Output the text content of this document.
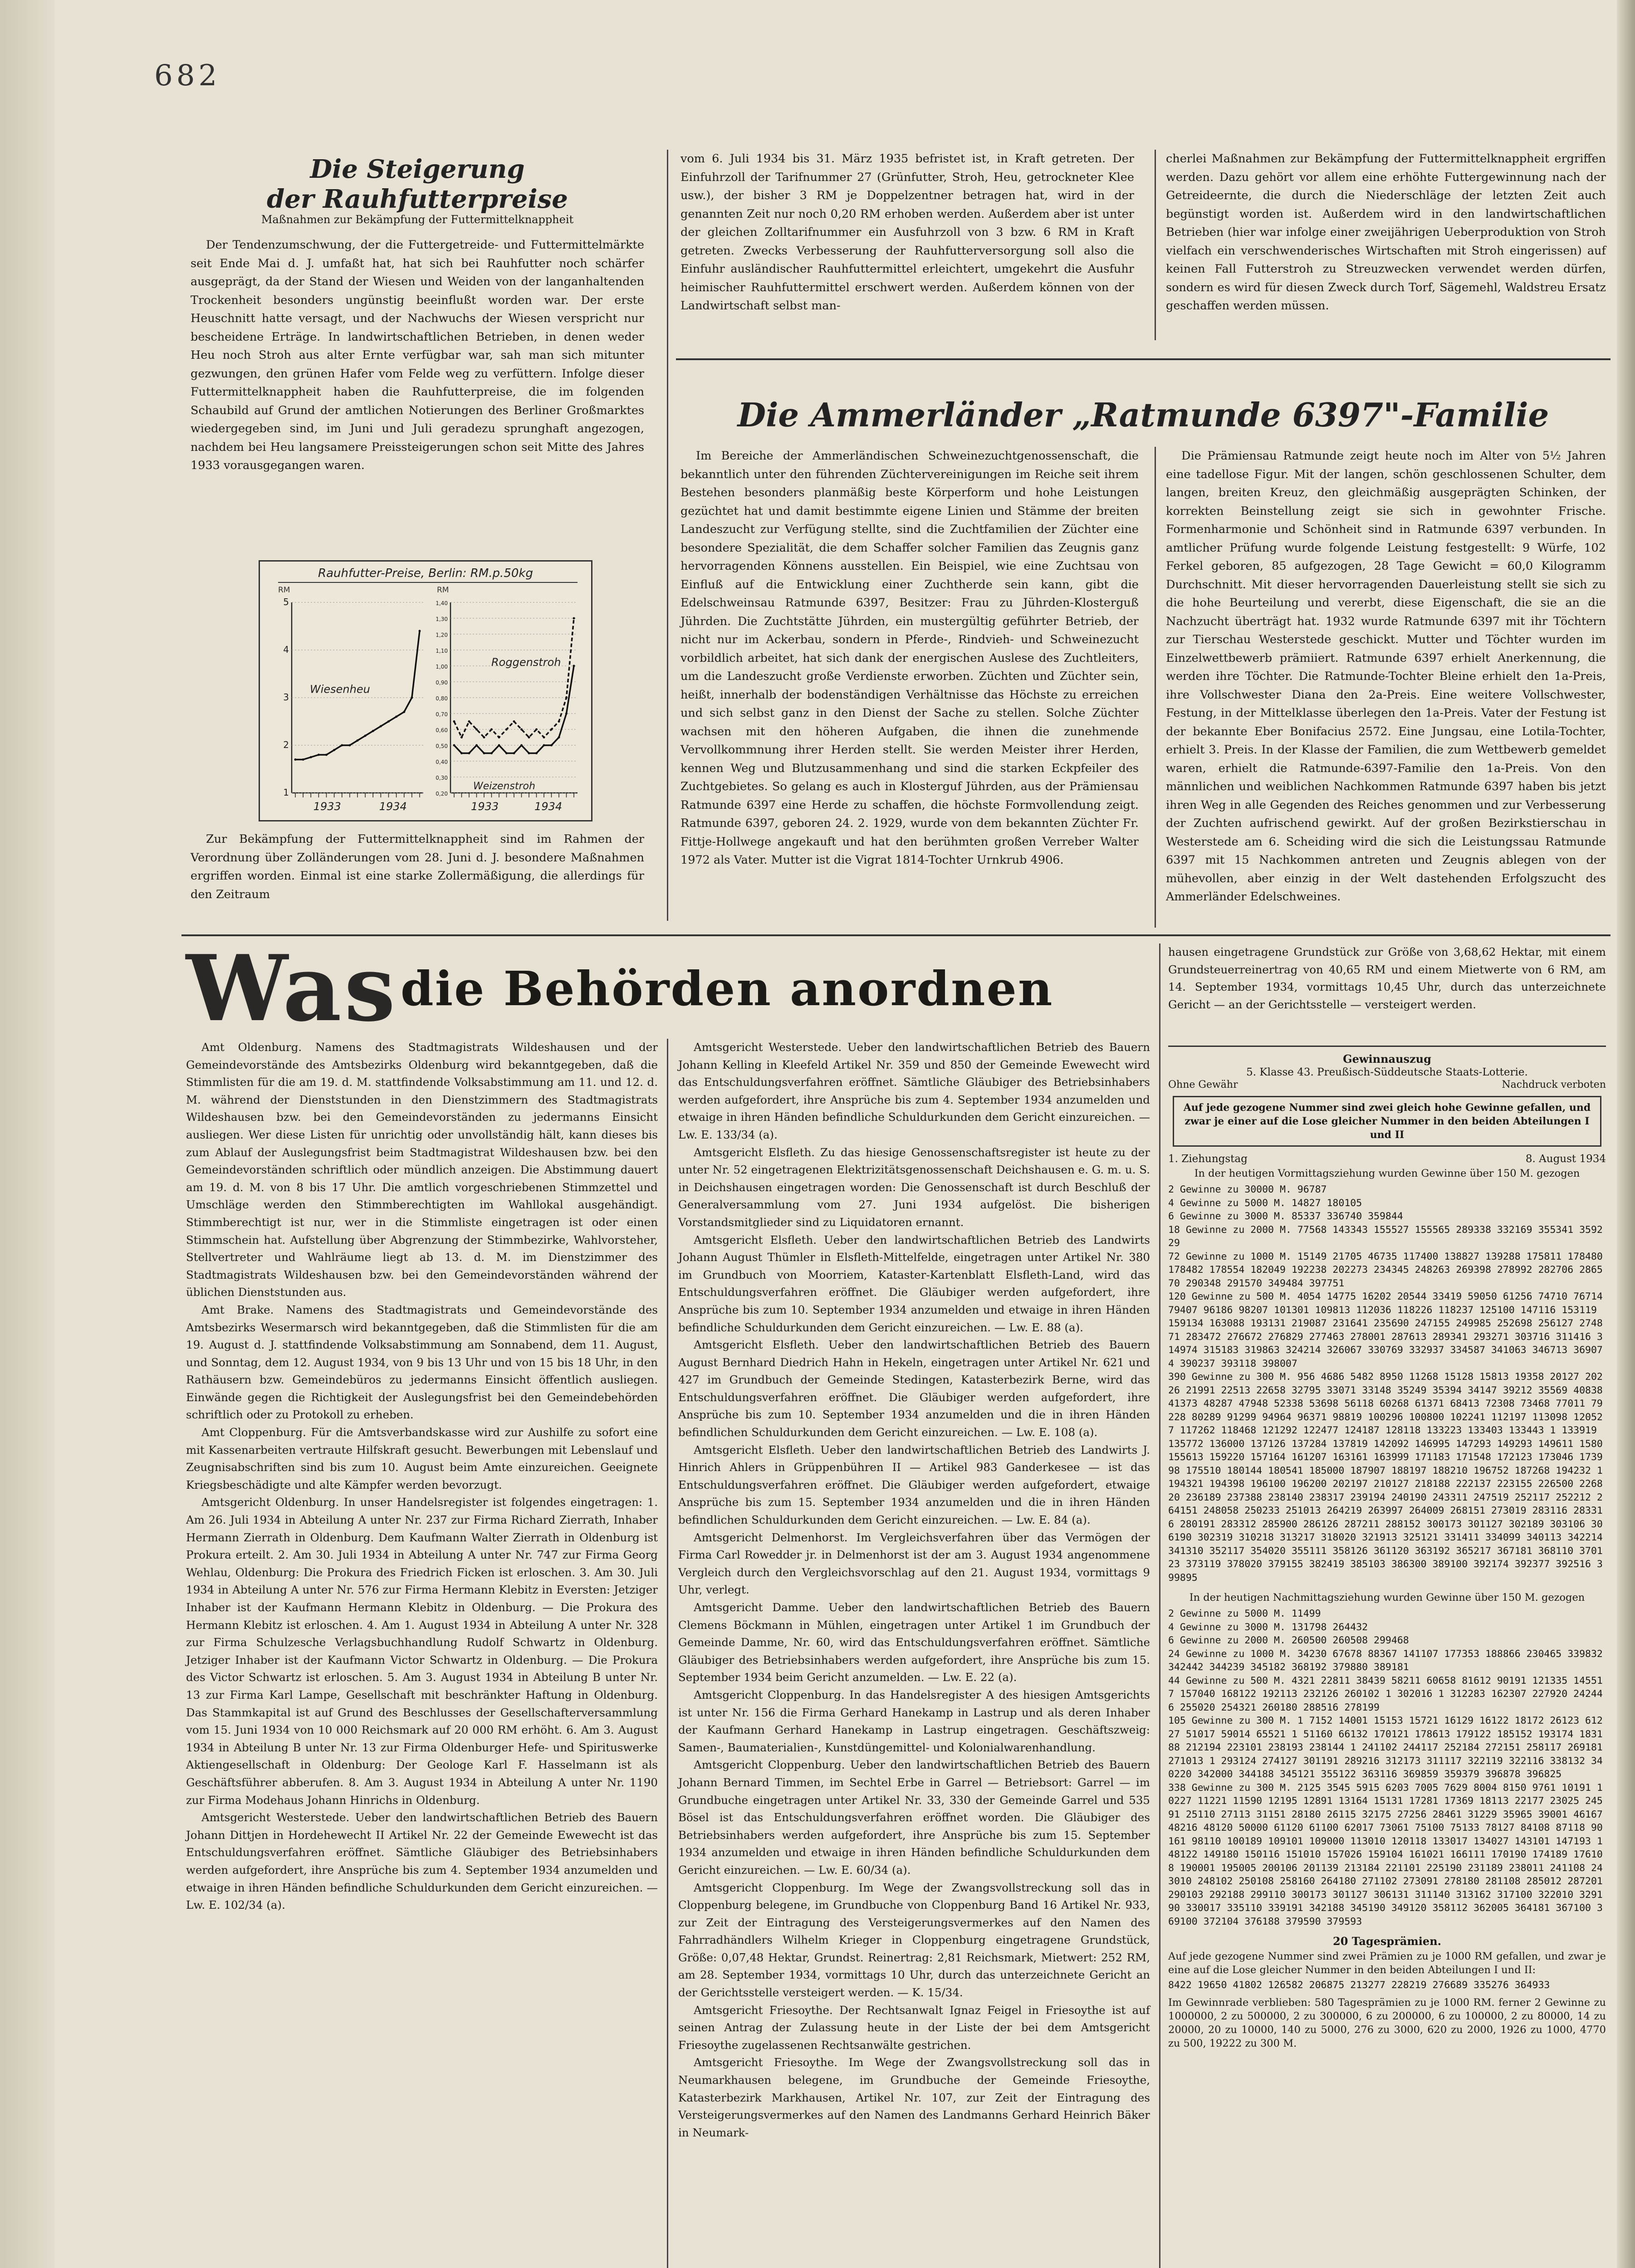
682
Die Steigerung
der Rauhfutterpreise
Maßnahmen zur Bekämpfung der Futtermittelknappheit

Der Tendenzumschwung, der die Futtergetreide- und Futtermittelmärkte seit Ende Mai d. J. umfaßt hat, hat sich bei Rauhfutter noch schärfer ausgeprägt, da der Stand der Wiesen und Weiden von der langanhaltenden Trockenheit besonders ungünstig beeinflußt worden war. Der erste Heuschnitt hatte versagt, und der Nachwuchs der Wiesen verspricht nur bescheidene Erträge. In landwirtschaftlichen Betrieben, in denen weder Heu noch Stroh aus alter Ernte verfügbar war, sah man sich mitunter gezwungen, den grünen Hafer vom Felde weg zu verfüttern. Infolge dieser Futtermittelknappheit haben die Rauhfutterpreise, die im folgenden Schaubild auf Grund der amtlichen Notierungen des Berliner Großmarktes wiedergegeben sind, im Juni und Juli geradezu sprunghaft angezogen, nachdem bei Heu langsamere Preissteigerungen schon seit Mitte des Jahres 1933 vorausgegangen waren.

Rauhfutter-Preise, Berlin: RM.p.50kg
RM
1
2
3
4
5
1933	1934
Wiesenheu
RM
0,20
0,30
0,40
0,50
0,60
0,70
0,80
0,90
1,00
1,10
1,20
1,30
1,40
1933	1934
Roggenstroh
Weizenstroh

Zur Bekämpfung der Futtermittelknappheit sind im Rahmen der Verordnung über Zolländerungen vom 28. Juni d. J. besondere Maßnahmen ergriffen worden. Einmal ist eine starke Zollermäßigung, die allerdings für den Zeitraum

vom 6. Juli 1934 bis 31. März 1935 befristet ist, in Kraft getreten. Der Einfuhrzoll der Tarifnummer 27 (Grünfutter, Stroh, Heu, getrockneter Klee usw.), der bisher 3 RM je Doppelzentner betragen hat, wird in der genannten Zeit nur noch 0,20 RM erhoben werden. Außerdem aber ist unter der gleichen Zolltarifnummer ein Ausfuhrzoll von 3 bzw. 6 RM in Kraft getreten. Zwecks Verbesserung der Rauhfutterversorgung soll also die Einfuhr ausländischer Rauhfuttermittel erleichtert, umgekehrt die Ausfuhr heimischer Rauhfuttermittel erschwert werden. Außerdem können von der Landwirtschaft selbst man-

cherlei Maßnahmen zur Bekämpfung der Futtermittelknappheit ergriffen werden. Dazu gehört vor allem eine erhöhte Futtergewinnung nach der Getreideernte, die durch die Niederschläge der letzten Zeit auch begünstigt worden ist. Außerdem wird in den landwirtschaftlichen Betrieben (hier war infolge einer zweijährigen Ueberproduktion von Stroh vielfach ein verschwenderisches Wirtschaften mit Stroh eingerissen) auf keinen Fall Futterstroh zu Streuzwecken verwendet werden dürfen, sondern es wird für diesen Zweck durch Torf, Sägemehl, Waldstreu Ersatz geschaffen werden müssen.

Die Ammerländer „Ratmunde 6397"-Familie

Im Bereiche der Ammerländischen Schweinezuchtgenossenschaft, die bekanntlich unter den führenden Züchtervereinigungen im Reiche seit ihrem Bestehen besonders planmäßig beste Körperform und hohe Leistungen gezüchtet hat und damit bestimmte eigene Linien und Stämme der breiten Landeszucht zur Verfügung stellte, sind die Zuchtfamilien der Züchter eine besondere Spezialität, die dem Schaffer solcher Familien das Zeugnis ganz hervorragenden Könnens ausstellen. Ein Beispiel, wie eine Zuchtsau von Einfluß auf die Entwicklung einer Zuchtherde sein kann, gibt die Edelschweinsau Ratmunde 6397, Besitzer: Frau zu Jührden-Klosterguß Jührden. Die Zuchtstätte Jührden, ein mustergültig geführter Betrieb, der nicht nur im Ackerbau, sondern in Pferde-, Rindvieh- und Schweinezucht vorbildlich arbeitet, hat sich dank der energischen Auslese des Zuchtleiters, um die Landeszucht große Verdienste erworben. Züchten und Züchter sein, heißt, innerhalb der bodenständigen Verhältnisse das Höchste zu erreichen und sich selbst ganz in den Dienst der Sache zu stellen. Solche Züchter wachsen mit den höheren Aufgaben, die ihnen die zunehmende Vervollkommnung ihrer Herden stellt. Sie werden Meister ihrer Herden, kennen Weg und Blutzusammenhang und sind die starken Eckpfeiler des Zuchtgebietes. So gelang es auch in Klosterguf Jührden, aus der Prämiensau Ratmunde 6397 eine Herde zu schaffen, die höchste Formvollendung zeigt. Ratmunde 6397, geboren 24. 2. 1929, wurde von dem bekannten Züchter Fr. Fittje-Hollwege angekauft und hat den berühmten großen Verreber Walter 1972 als Vater. Mutter ist die Vigrat 1814-Tochter Urnkrub 4906.

Die Prämiensau Ratmunde zeigt heute noch im Alter von 5½ Jahren eine tadellose Figur. Mit der langen, schön geschlossenen Schulter, dem langen, breiten Kreuz, den gleichmäßig ausgeprägten Schinken, der korrekten Beinstellung zeigt sie sich in gewohnter Frische. Formenharmonie und Schönheit sind in Ratmunde 6397 verbunden. In amtlicher Prüfung wurde folgende Leistung festgestellt: 9 Würfe, 102 Ferkel geboren, 85 aufgezogen, 28 Tage Gewicht = 60,0 Kilogramm Durchschnitt. Mit dieser hervorragenden Dauerleistung stellt sie sich zu die hohe Beurteilung und vererbt, diese Eigenschaft, die sie an die Nachzucht überträgt hat. 1932 wurde Ratmunde 6397 mit ihr Töchtern zur Tierschau Westerstede geschickt. Mutter und Töchter wurden im Einzelwettbewerb prämiiert. Ratmunde 6397 erhielt Anerkennung, die werden ihre Töchter. Die Ratmunde-Tochter Bleine erhielt den 1a-Preis, ihre Vollschwester Diana den 2a-Preis. Eine weitere Vollschwester, Festung, in der Mittelklasse überlegen den 1a-Preis. Vater der Festung ist der bekannte Eber Bonifacius 2572. Eine Jungsau, eine Lotila-Tochter, erhielt 3. Preis. In der Klasse der Familien, die zum Wettbewerb gemeldet waren, erhielt die Ratmunde-6397-Familie den 1a-Preis. Von den männlichen und weiblichen Nachkommen Ratmunde 6397 haben bis jetzt ihren Weg in alle Gegenden des Reiches genommen und zur Verbesserung der Zuchten aufrischend gewirkt. Auf der großen Bezirkstierschau in Westerstede am 6. Scheiding wird die sich die Leistungssau Ratmunde 6397 mit 15 Nachkommen antreten und Zeugnis ablegen von der mühevollen, aber einzig in der Welt dastehenden Erfolgszucht des Ammerländer Edelschweines.

Was die Behörden anordnen

Amt Oldenburg. Namens des Stadtmagistrats Wildeshausen und der Gemeindevorstände des Amtsbezirks Oldenburg wird bekanntgegeben, daß die Stimmlisten für die am 19. d. M. stattfindende Volksabstimmung am 11. und 12. d. M. während der Dienststunden in den Dienstzimmern des Stadtmagistrats Wildeshausen bzw. bei den Gemeindevorständen zu jedermanns Einsicht ausliegen. Wer diese Listen für unrichtig oder unvollständig hält, kann dieses bis zum Ablauf der Auslegungsfrist beim Stadtmagistrat Wildeshausen bzw. bei den Gemeindevorständen schriftlich oder mündlich anzeigen. Die Abstimmung dauert am 19. d. M. von 8 bis 17 Uhr. Die amtlich vorgeschriebenen Stimmzettel und Umschläge werden den Stimmberechtigten im Wahllokal ausgehändigt. Stimmberechtigt ist nur, wer in die Stimmliste eingetragen ist oder einen Stimmschein hat. Aufstellung über Abgrenzung der Stimmbezirke, Wahlvorsteher, Stellvertreter und Wahlräume liegt ab 13. d. M. im Dienstzimmer des Stadtmagistrats Wildeshausen bzw. bei den Gemeindevorständen während der üblichen Dienststunden aus.

Amt Brake. Namens des Stadtmagistrats und Gemeindevorstände des Amtsbezirks Wesermarsch wird bekanntgegeben, daß die Stimmlisten für die am 19. August d. J. stattfindende Volksabstimmung am Sonnabend, dem 11. August, und Sonntag, dem 12. August 1934, von 9 bis 13 Uhr und von 15 bis 18 Uhr, in den Rathäusern bzw. Gemeindebüros zu jedermanns Einsicht öffentlich ausliegen. Einwände gegen die Richtigkeit der Auslegungsfrist bei den Gemeindebehörden schriftlich oder zu Protokoll zu erheben.

Amt Cloppenburg. Für die Amtsverbandskasse wird zur Aushilfe zu sofort eine mit Kassenarbeiten vertraute Hilfskraft gesucht. Bewerbungen mit Lebenslauf und Zeugnisabschriften sind bis zum 10. August beim Amte einzureichen. Geeignete Kriegsbeschädigte und alte Kämpfer werden bevorzugt.

Amtsgericht Oldenburg. In unser Handelsregister ist folgendes eingetragen: 1. Am 26. Juli 1934 in Abteilung A unter Nr. 237 zur Firma Richard Zierrath, Inhaber Hermann Zierrath in Oldenburg. Dem Kaufmann Walter Zierrath in Oldenburg ist Prokura erteilt. 2. Am 30. Juli 1934 in Abteilung A unter Nr. 747 zur Firma Georg Wehlau, Oldenburg: Die Prokura des Friedrich Ficken ist erloschen. 3. Am 30. Juli 1934 in Abteilung A unter Nr. 576 zur Firma Hermann Klebitz in Eversten: Jetziger Inhaber ist der Kaufmann Hermann Klebitz in Oldenburg. — Die Prokura des Hermann Klebitz ist erloschen. 4. Am 1. August 1934 in Abteilung A unter Nr. 328 zur Firma Schulzesche Verlagsbuchhandlung Rudolf Schwartz in Oldenburg. Jetziger Inhaber ist der Kaufmann Victor Schwartz in Oldenburg. — Die Prokura des Victor Schwartz ist erloschen. 5. Am 3. August 1934 in Abteilung B unter Nr. 13 zur Firma Karl Lampe, Gesellschaft mit beschränkter Haftung in Oldenburg. Das Stammkapital ist auf Grund des Beschlusses der Gesellschafterversammlung vom 15. Juni 1934 von 10 000 Reichsmark auf 20 000 RM erhöht. 6. Am 3. August 1934 in Abteilung B unter Nr. 13 zur Firma Oldenburger Hefe- und Spirituswerke Aktiengesellschaft in Oldenburg: Der Geologe Karl F. Hasselmann ist als Geschäftsführer abberufen. 8. Am 3. August 1934 in Abteilung A unter Nr. 1190 zur Firma Modehaus Johann Hinrichs in Oldenburg.

Amtsgericht Westerstede. Ueber den landwirtschaftlichen Betrieb des Bauern Johann Dittjen in Hordehewecht II Artikel Nr. 22 der Gemeinde Ewewecht ist das Entschuldungsverfahren eröffnet. Sämtliche Gläubiger des Betriebsinhabers werden aufgefordert, ihre Ansprüche bis zum 4. September 1934 anzumelden und etwaige in ihren Händen befindliche Schuldurkunden dem Gericht einzureichen. — Lw. E. 102/34 (a).

Amtsgericht Westerstede. Ueber den landwirtschaftlichen Betrieb des Bauern Johann Kelling in Kleefeld Artikel Nr. 359 und 850 der Gemeinde Ewewecht wird das Entschuldungsverfahren eröffnet. Sämtliche Gläubiger des Betriebsinhabers werden aufgefordert, ihre Ansprüche bis zum 4. September 1934 anzumelden und etwaige in ihren Händen befindliche Schuldurkunden dem Gericht einzureichen. — Lw. E. 133/34 (a).

Amtsgericht Elsfleth. Zu das hiesige Genossenschaftsregister ist heute zu der unter Nr. 52 eingetragenen Elektrizitätsgenossenschaft Deichshausen e. G. m. u. S. in Deichshausen eingetragen worden: Die Genossenschaft ist durch Beschluß der Generalversammlung vom 27. Juni 1934 aufgelöst. Die bisherigen Vorstandsmitglieder sind zu Liquidatoren ernannt.

Amtsgericht Elsfleth. Ueber den landwirtschaftlichen Betrieb des Landwirts Johann August Thümler in Elsfleth-Mittelfelde, eingetragen unter Artikel Nr. 380 im Grundbuch von Moorriem, Kataster-Kartenblatt Elsfleth-Land, wird das Entschuldungsverfahren eröffnet. Die Gläubiger werden aufgefordert, ihre Ansprüche bis zum 10. September 1934 anzumelden und etwaige in ihren Händen befindliche Schuldurkunden dem Gericht einzureichen. — Lw. E. 88 (a).

Amtsgericht Elsfleth. Ueber den landwirtschaftlichen Betrieb des Bauern August Bernhard Diedrich Hahn in Hekeln, eingetragen unter Artikel Nr. 621 und 427 im Grundbuch der Gemeinde Stedingen, Katasterbezirk Berne, wird das Entschuldungsverfahren eröffnet. Die Gläubiger werden aufgefordert, ihre Ansprüche bis zum 10. September 1934 anzumelden und die in ihren Händen befindlichen Schuldurkunden dem Gericht einzureichen. — Lw. E. 108 (a).

Amtsgericht Elsfleth. Ueber den landwirtschaftlichen Betrieb des Landwirts J. Hinrich Ahlers in Grüppenbühren II — Artikel 983 Ganderkesee — ist das Entschuldungsverfahren eröffnet. Die Gläubiger werden aufgefordert, etwaige Ansprüche bis zum 15. September 1934 anzumelden und die in ihren Händen befindlichen Schuldurkunden dem Gericht einzureichen. — Lw. E. 84 (a).

Amtsgericht Delmenhorst. Im Vergleichsverfahren über das Vermögen der Firma Carl Rowedder jr. in Delmenhorst ist der am 3. August 1934 angenommene Vergleich durch den Vergleichsvorschlag auf den 21. August 1934, vormittags 9 Uhr, verlegt.

Amtsgericht Damme. Ueber den landwirtschaftlichen Betrieb des Bauern Clemens Böckmann in Mühlen, eingetragen unter Artikel 1 im Grundbuch der Gemeinde Damme, Nr. 60, wird das Entschuldungsverfahren eröffnet. Sämtliche Gläubiger des Betriebsinhabers werden aufgefordert, ihre Ansprüche bis zum 15. September 1934 beim Gericht anzumelden. — Lw. E. 22 (a).

Amtsgericht Cloppenburg. In das Handelsregister A des hiesigen Amtsgerichts ist unter Nr. 156 die Firma Gerhard Hanekamp in Lastrup und als deren Inhaber der Kaufmann Gerhard Hanekamp in Lastrup eingetragen. Geschäftszweig: Samen-, Baumaterialien-, Kunstdüngemittel- und Kolonialwarenhandlung.

Amtsgericht Cloppenburg. Ueber den landwirtschaftlichen Betrieb des Bauern Johann Bernard Timmen, im Sechtel Erbe in Garrel — Betriebsort: Garrel — im Grundbuche eingetragen unter Artikel Nr. 33, 330 der Gemeinde Garrel und 535 Bösel ist das Entschuldungsverfahren eröffnet worden. Die Gläubiger des Betriebsinhabers werden aufgefordert, ihre Ansprüche bis zum 15. September 1934 anzumelden und etwaige in ihren Händen befindliche Schuldurkunden dem Gericht einzureichen. — Lw. E. 60/34 (a).

Amtsgericht Cloppenburg. Im Wege der Zwangsvollstreckung soll das in Cloppenburg belegene, im Grundbuche von Cloppenburg Band 16 Artikel Nr. 933, zur Zeit der Eintragung des Versteigerungsvermerkes auf den Namen des Fahrradhändlers Wilhelm Krieger in Cloppenburg eingetragene Grundstück, Größe: 0,07,48 Hektar, Grundst. Reinertrag: 2,81 Reichsmark, Mietwert: 252 RM, am 28. September 1934, vormittags 10 Uhr, durch das unterzeichnete Gericht an der Gerichtsstelle versteigert werden. — K. 15/34.

Amtsgericht Friesoythe. Der Rechtsanwalt Ignaz Feigel in Friesoythe ist auf seinen Antrag der Zulassung heute in der Liste der bei dem Amtsgericht Friesoythe zugelassenen Rechtsanwälte gestrichen.

Amtsgericht Friesoythe. Im Wege der Zwangsvollstreckung soll das in Neumarkhausen belegene, im Grundbuche der Gemeinde Friesoythe, Katasterbezirk Markhausen, Artikel Nr. 107, zur Zeit der Eintragung des Versteigerungsvermerkes auf den Namen des Landmanns Gerhard Heinrich Bäker in Neumark-

hausen eingetragene Grundstück zur Größe von 3,68,62 Hektar, mit einem Grundsteuerreinertrag von 40,65 RM und einem Mietwerte von 6 RM, am 14. September 1934, vormittags 10,45 Uhr, durch das unterzeichnete Gericht — an der Gerichtsstelle — versteigert werden.

Gewinnauszug
5. Klasse 43. Preußisch-Süddeutsche Staats-Lotterie.
Ohne Gewähr	Nachdruck verboten
Auf jede gezogene Nummer sind zwei gleich hohe Gewinne gefallen, und zwar je einer auf die Lose gleicher Nummer in den beiden Abteilungen I und II
1. Ziehungstag	8. August 1934
In der heutigen Vormittagsziehung wurden Gewinne über 150 M. gezogen
2 Gewinne zu 30000 M. 96787
4 Gewinne zu 5000 M. 14827 180105
6 Gewinne zu 3000 M. 85337 336740 359844
18 Gewinne zu 2000 M. 77568 143343 155527 155565 289338 332169 355341 359229
72 Gewinne zu 1000 M. 15149 21705 46735 117400 138827 139288 175811 178480 178482 178554 182049 192238 202273 234345 248263 269398 278992 282706 286570 290348 291570 349484 397751
120 Gewinne zu 500 M. 4054 14775 16202 20544 33419 59050 61256 74710 76714 79407 96186 98207 101301 109813 112036 118226 118237 125100 147116 153119 159134 163088 193131 219087 231641 235690 247155 249985 252698 256127 274871 283472 276672 276829 277463 278001 287613 289341 293271 303716 311416 314974 315183 319863 324214 326067 330769 332937 334587 341063 346713 369074 390237 393118 398007
390 Gewinne zu 300 M. 956 4686 5482 8950 11268 15128 15813 19358 20127 20226 21991 22513 22658 32795 33071 33148 35249 35394 34147 39212 35569 40838 41373 48287 47948 52338 53698 56118 60268 61371 68413 72308 73468 77011 79228 80289 91299 94964 96371 98819 100296 100800 102241 112197 113098 120527 117262 118468 121292 122477 124187 128118 133223 133403 133443 1 133919 135772 136000 137126 137284 137819 142092 146995 147293 149293 149611 1580 155613 159220 157164 161207 163161 163999 171183 171548 172123 173046 173998 175510 180144 180541 185000 187907 188197 188210 196752 187268 194232 1 194321 194398 196100 196200 202197 210127 218188 222137 223155 226500 226820 236189 237388 238140 238317 239194 240190 243311 247519 252117 252212 264151 248058 250233 251013 264219 263997 264009 268151 273019 283116 283316 280191 283312 285900 286126 287211 288152 300173 301127 302189 303106 306190 302319 310218 313217 318020 321913 325121 331411 334099 340113 342214 341310 352117 354020 355111 358126 361120 363192 365217 367181 368110 370123 373119 378020 379155 382419 385103 386300 389100 392174 392377 392516 399895
In der heutigen Nachmittagsziehung wurden Gewinne über 150 M. gezogen
2 Gewinne zu 5000 M. 11499
4 Gewinne zu 3000 M. 131798 264432
6 Gewinne zu 2000 M. 260500 260508 299468
24 Gewinne zu 1000 M. 34230 67678 88367 141107 177353 188866 230465 339832 342442 344239 345182 368192 379880 389181
44 Gewinne zu 500 M. 4321 22811 38439 58211 60658 81612 90191 121335 145517 157040 168122 192113 232126 260102 1 302016 1 312283 162307 227920 242446 255020 254321 260180 288516 278199
105 Gewinne zu 300 M. 1 7152 14001 15153 15721 16129 16122 18172 26123 61227 51017 59014 65521 1 51160 66132 170121 178613 179122 185152 193174 183188 212194 223101 238193 238144 1 241102 244117 252184 272151 258117 269181 271013 1 293124 274127 301191 289216 312173 311117 322119 322116 338132 340220 342000 344188 345121 355122 363116 369859 359379 396878 396825
338 Gewinne zu 300 M. 2125 3545 5915 6203 7005 7629 8004 8150 9761 10191 10227 11221 11590 12195 12891 13164 15131 17281 17369 18113 22177 23025 24591 25110 27113 31151 28180 26115 32175 27256 28461 31229 35965 39001 46167 48216 48120 50000 61120 61100 62017 73061 75100 75133 78127 84108 87118 90161 98110 100189 109101 109000 113010 120118 133017 134027 143101 147193 148122 149180 150116 151010 157026 159104 161021 166111 170190 174189 176108 190001 195005 200106 201139 213184 221101 225190 231189 238011 241108 243010 248102 250108 258160 264180 271102 273091 278180 281108 285012 287201 290103 292188 299110 300173 301127 306131 311140 313162 317100 322010 329190 330017 335110 339191 342188 345190 349120 358112 362005 364181 367100 369100 372104 376188 379590 379593
20 Tagesprämien.
Auf jede gezogene Nummer sind zwei Prämien zu je 1000 RM gefallen, und zwar je eine auf die Lose gleicher Nummer in den beiden Abteilungen I und II:
8422 19650 41802 126582 206875 213277 228219 276689 335276 364933
Im Gewinnrade verblieben: 580 Tagesprämien zu je 1000 RM. ferner 2 Gewinne zu 1000000, 2 zu 500000, 2 zu 300000, 6 zu 200000, 6 zu 100000, 2 zu 80000, 14 zu 20000, 20 zu 10000, 140 zu 5000, 276 zu 3000, 620 zu 2000, 1926 zu 1000, 4770 zu 500, 19222 zu 300 M.
